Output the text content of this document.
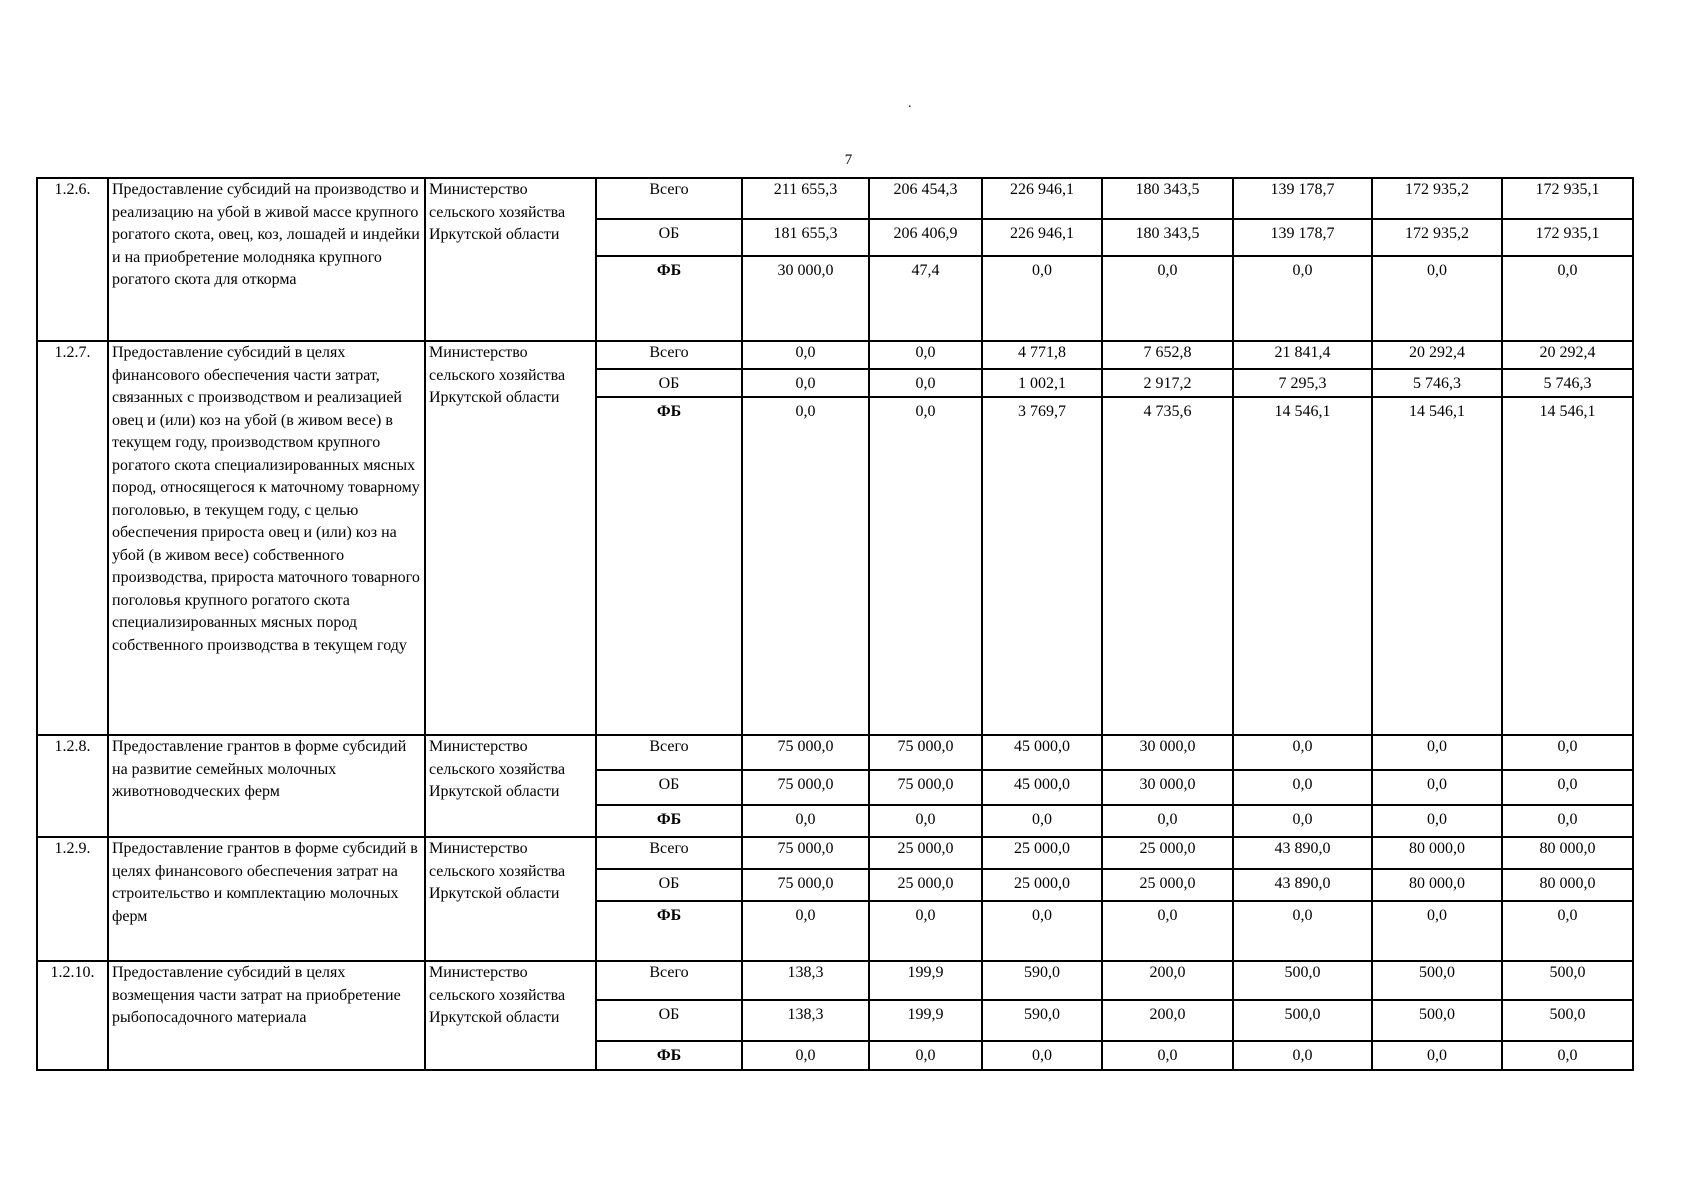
.
7
1.2.6.	Предоставление субсидий на производство и реализацию на убой в живой массе крупного рогатого скота, овец, коз, лошадей и индейки и на приобретение молодняка крупного рогатого скота для откорма	Министерство сельского хозяйства Иркутской области	Всего	211 655,3	206 454,3	226 946,1	180 343,5	139 178,7	172 935,2	172 935,1
			ОБ	181 655,3	206 406,9	226 946,1	180 343,5	139 178,7	172 935,2	172 935,1
			ФБ	30 000,0	47,4	0,0	0,0	0,0	0,0	0,0
1.2.7.	Предоставление субсидий в целях финансового обеспечения части затрат, связанных с производством и реализацией овец и (или) коз на убой (в живом весе) в текущем году, производством крупного рогатого скота специализированных мясных пород, относящегося к маточному товарному поголовью, в текущем году, с целью обеспечения прироста овец и (или) коз на убой (в живом весе) собственного производства, прироста маточного товарного поголовья крупного рогатого скота специализированных мясных пород собственного производства в текущем году	Министерство сельского хозяйства Иркутской области	Всего	0,0	0,0	4 771,8	7 652,8	21 841,4	20 292,4	20 292,4
			ОБ	0,0	0,0	1 002,1	2 917,2	7 295,3	5 746,3	5 746,3
			ФБ	0,0	0,0	3 769,7	4 735,6	14 546,1	14 546,1	14 546,1
1.2.8.	Предоставление грантов в форме субсидий на развитие семейных молочных животноводческих ферм	Министерство сельского хозяйства Иркутской области	Всего	75 000,0	75 000,0	45 000,0	30 000,0	0,0	0,0	0,0
			ОБ	75 000,0	75 000,0	45 000,0	30 000,0	0,0	0,0	0,0
			ФБ	0,0	0,0	0,0	0,0	0,0	0,0	0,0
1.2.9.	Предоставление грантов в форме субсидий в целях финансового обеспечения затрат на строительство и комплектацию молочных ферм	Министерство сельского хозяйства Иркутской области	Всего	75 000,0	25 000,0	25 000,0	25 000,0	43 890,0	80 000,0	80 000,0
			ОБ	75 000,0	25 000,0	25 000,0	25 000,0	43 890,0	80 000,0	80 000,0
			ФБ	0,0	0,0	0,0	0,0	0,0	0,0	0,0
1.2.10.	Предоставление субсидий в целях возмещения части затрат на приобретение рыбопосадочного материала	Министерство сельского хозяйства Иркутской области	Всего	138,3	199,9	590,0	200,0	500,0	500,0	500,0
			ОБ	138,3	199,9	590,0	200,0	500,0	500,0	500,0
			ФБ	0,0	0,0	0,0	0,0	0,0	0,0	0,0
